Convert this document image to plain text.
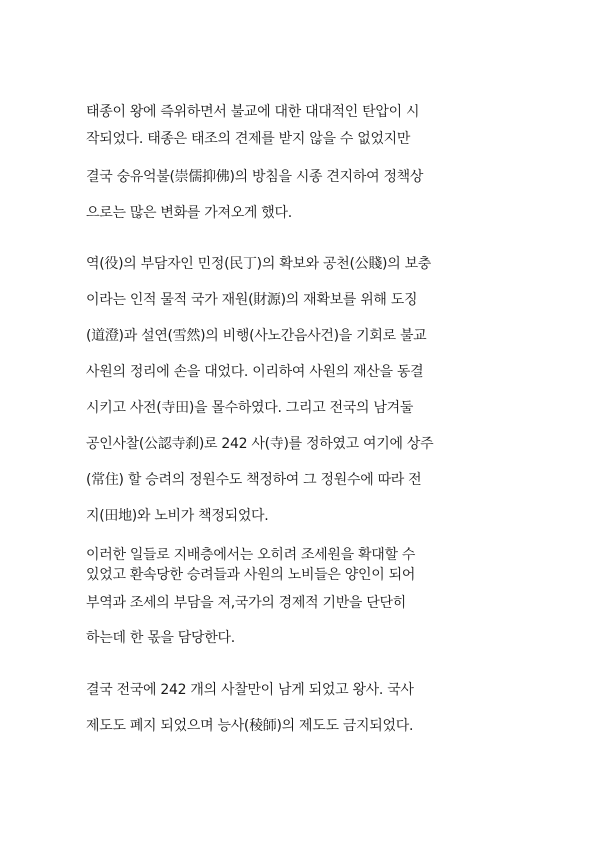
태종이 왕에 즉위하면서 불교에 대한 대대적인 탄압이 시
작되었다. 태종은 태조의 견제를 받지 않을 수 없었지만
결국 숭유억불(崇儒抑佛)의 방침을 시종 견지하여 정책상
으로는 많은 변화를 가져오게 했다.
역(役)의 부담자인 민정(民丁)의 확보와 공천(公賤)의 보충
이라는 인적 물적 국가 재원(財源)의 재확보를 위해 도징
(道澄)과 설연(雪然)의 비행(사노간음사건)을 기회로 불교
사원의 정리에 손을 대었다. 이리하여 사원의 재산을 동결
시키고 사전(寺田)을 몰수하였다. 그리고 전국의 남겨둘
공인사찰(公認寺刹)로 242 사(寺)를 정하였고 여기에 상주
(常住) 할 승려의 정원수도 책정하여 그 정원수에 따라 전
지(田地)와 노비가 책정되었다.
이러한 일들로 지배층에서는 오히려 조세원을 확대할 수
있었고 환속당한 승려들과 사원의 노비들은 양인이 되어
부역과 조세의 부담을 져,국가의 경제적 기반을 단단히
하는데 한 몫을 담당한다.
결국 전국에 242 개의 사찰만이 남게 되었고 왕사. 국사
제도도 폐지 되었으며 능사(稜師)의 제도도 금지되었다.
